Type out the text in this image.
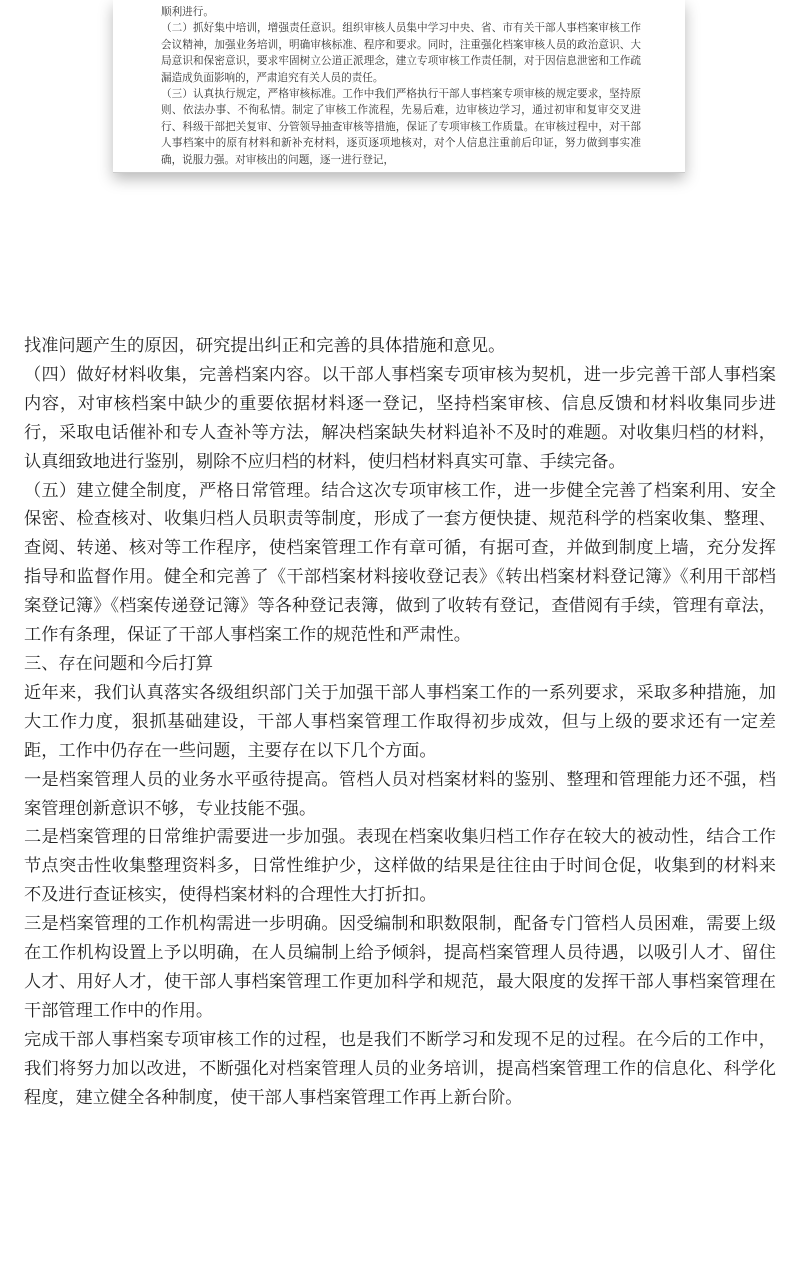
顺利进行。

（二）抓好集中培训，增强责任意识。组织审核人员集中学习中央、省、市有关干部人事档案审核工作会议精神，加强业务培训，明确审核标准、程序和要求。同时，注重强化档案审核人员的政治意识、大局意识和保密意识，要求牢固树立公道正派理念，建立专项审核工作责任制，对于因信息泄密和工作疏漏造成负面影响的，严肃追究有关人员的责任。

（三）认真执行规定，严格审核标准。工作中我们严格执行干部人事档案专项审核的规定要求，坚持原则、依法办事、不徇私情。制定了审核工作流程，先易后难，边审核边学习，通过初审和复审交叉进行、科级干部把关复审、分管领导抽查审核等措施，保证了专项审核工作质量。在审核过程中，对干部人事档案中的原有材料和新补充材料，逐页逐项地核对，对个人信息注重前后印证，努力做到事实准确，说服力强。对审核出的问题，逐一进行登记，

找准问题产生的原因，研究提出纠正和完善的具体措施和意见。

（四）做好材料收集，完善档案内容。以干部人事档案专项审核为契机，进一步完善干部人事档案内容，对审核档案中缺少的重要依据材料逐一登记，坚持档案审核、信息反馈和材料收集同步进行，采取电话催补和专人查补等方法，解决档案缺失材料追补不及时的难题。对收集归档的材料，认真细致地进行鉴别，剔除不应归档的材料，使归档材料真实可靠、手续完备。

（五）建立健全制度，严格日常管理。结合这次专项审核工作，进一步健全完善了档案利用、安全保密、检查核对、收集归档人员职责等制度，形成了一套方便快捷、规范科学的档案收集、整理、查阅、转递、核对等工作程序，使档案管理工作有章可循，有据可查，并做到制度上墙，充分发挥指导和监督作用。健全和完善了《干部档案材料接收登记表》《转出档案材料登记簿》《利用干部档案登记簿》《档案传递登记簿》等各种登记表簿，做到了收转有登记，查借阅有手续，管理有章法，工作有条理，保证了干部人事档案工作的规范性和严肃性。

三、存在问题和今后打算

近年来，我们认真落实各级组织部门关于加强干部人事档案工作的一系列要求，采取多种措施，加大工作力度，狠抓基础建设，干部人事档案管理工作取得初步成效，但与上级的要求还有一定差距，工作中仍存在一些问题，主要存在以下几个方面。

一是档案管理人员的业务水平亟待提高。管档人员对档案材料的鉴别、整理和管理能力还不强，档案管理创新意识不够，专业技能不强。

二是档案管理的日常维护需要进一步加强。表现在档案收集归档工作存在较大的被动性，结合工作节点突击性收集整理资料多，日常性维护少，这样做的结果是往往由于时间仓促，收集到的材料来不及进行查证核实，使得档案材料的合理性大打折扣。

三是档案管理的工作机构需进一步明确。因受编制和职数限制，配备专门管档人员困难，需要上级在工作机构设置上予以明确，在人员编制上给予倾斜，提高档案管理人员待遇，以吸引人才、留住人才、用好人才，使干部人事档案管理工作更加科学和规范，最大限度的发挥干部人事档案管理在干部管理工作中的作用。

完成干部人事档案专项审核工作的过程，也是我们不断学习和发现不足的过程。在今后的工作中，我们将努力加以改进，不断强化对档案管理人员的业务培训，提高档案管理工作的信息化、科学化程度，建立健全各种制度，使干部人事档案管理工作再上新台阶。
